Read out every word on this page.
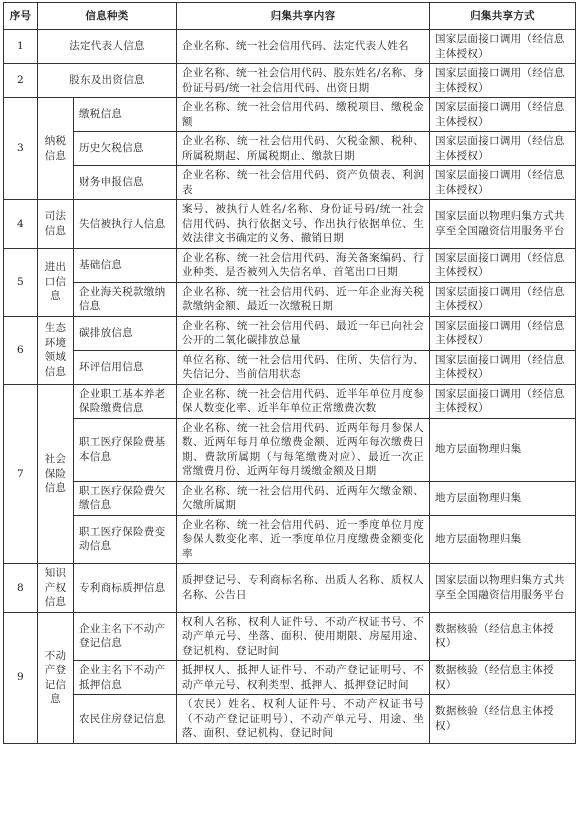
序号	信息种类		归集共享内容	归集共享方式
1	法定代表人信息		企业名称、统一社会信用代码、法定代表人姓名	国家层面接口调用（经信息主体授权）
2	股东及出资信息		企业名称、统一社会信用代码、股东姓名/名称、身份证号码/统一社会信用代码、出资日期	国家层面接口调用（经信息主体授权）
3	纳税信息	缴税信息	企业名称、统一社会信用代码、缴税项目、缴税金额	国家层面接口调用（经信息主体授权）
		历史欠税信息	企业名称、统一社会信用代码、欠税金额、税种、所属税期起、所属税期止、缴款日期	国家层面接口调用（经信息主体授权）
		财务申报信息	企业名称、统一社会信用代码、资产负债表、利润表	国家层面接口调用（经信息主体授权）
4	司法信息	失信被执行人信息	案号、被执行人姓名/名称、身份证号码/统一社会信用代码、执行依据文号、作出执行依据单位、生效法律文书确定的义务、撤销日期	国家层面以物理归集方式共享至全国融资信用服务平台
5	进出口信息	基础信息	企业名称、统一社会信用代码、海关备案编码、行业种类、是否被列入失信名单、首笔出口日期	国家层面接口调用（经信息主体授权）
		企业海关税款缴纳信息	企业名称、统一社会信用代码、近一年企业海关税款缴纳金额、最近一次缴税日期	国家层面接口调用（经信息主体授权）
6	生态环境领域信息	碳排放信息	企业名称、统一社会信用代码、最近一年已向社会公开的二氧化碳排放总量	国家层面接口调用（经信息主体授权）
		环评信用信息	单位名称、统一社会信用代码、住所、失信行为、失信记分、当前信用状态	国家层面接口调用（经信息主体授权）
7	社会保险信息	企业职工基本养老保险缴费信息	企业名称、统一社会信用代码、近半年单位月度参保人数变化率、近半年单位正常缴费次数	国家层面接口调用（经信息主体授权）
		职工医疗保险费基本信息	企业名称、统一社会信用代码、近两年每月参保人数、近两年每月单位缴费金额、近两年每次缴费日期、费款所属期（与每笔缴费对应）、最近一次正常缴费月份、近两年每月缓缴金额及日期	地方层面物理归集
		职工医疗保险费欠缴信息	企业名称、统一社会信用代码、近两年欠缴金额、欠缴所属期	地方层面物理归集
		职工医疗保险费变动信息	企业名称、统一社会信用代码、近一季度单位月度参保人数变化率、近一季度单位月度缴费金额变化率	地方层面物理归集
8	知识产权信息	专利商标质押信息	质押登记号、专利商标名称、出质人名称、质权人名称、公告日	国家层面以物理归集方式共享至全国融资信用服务平台
9	不动产登记信息	企业主名下不动产登记信息	权利人名称、权利人证件号、不动产权证书号、不动产单元号、坐落、面积、使用期限、房屋用途、登记机构、登记时间	数据核验（经信息主体授权）
		企业主名下不动产抵押信息	抵押权人、抵押人证件号、不动产登记证明号、不动产单元号、权利类型、抵押人、抵押登记时间	数据核验（经信息主体授权）
		农民住房登记信息	（农民）姓名、权利人证件号、不动产权证书号（不动产登记证明号）、不动产单元号、用途、坐落、面积、登记机构、登记时间	数据核验（经信息主体授权）
